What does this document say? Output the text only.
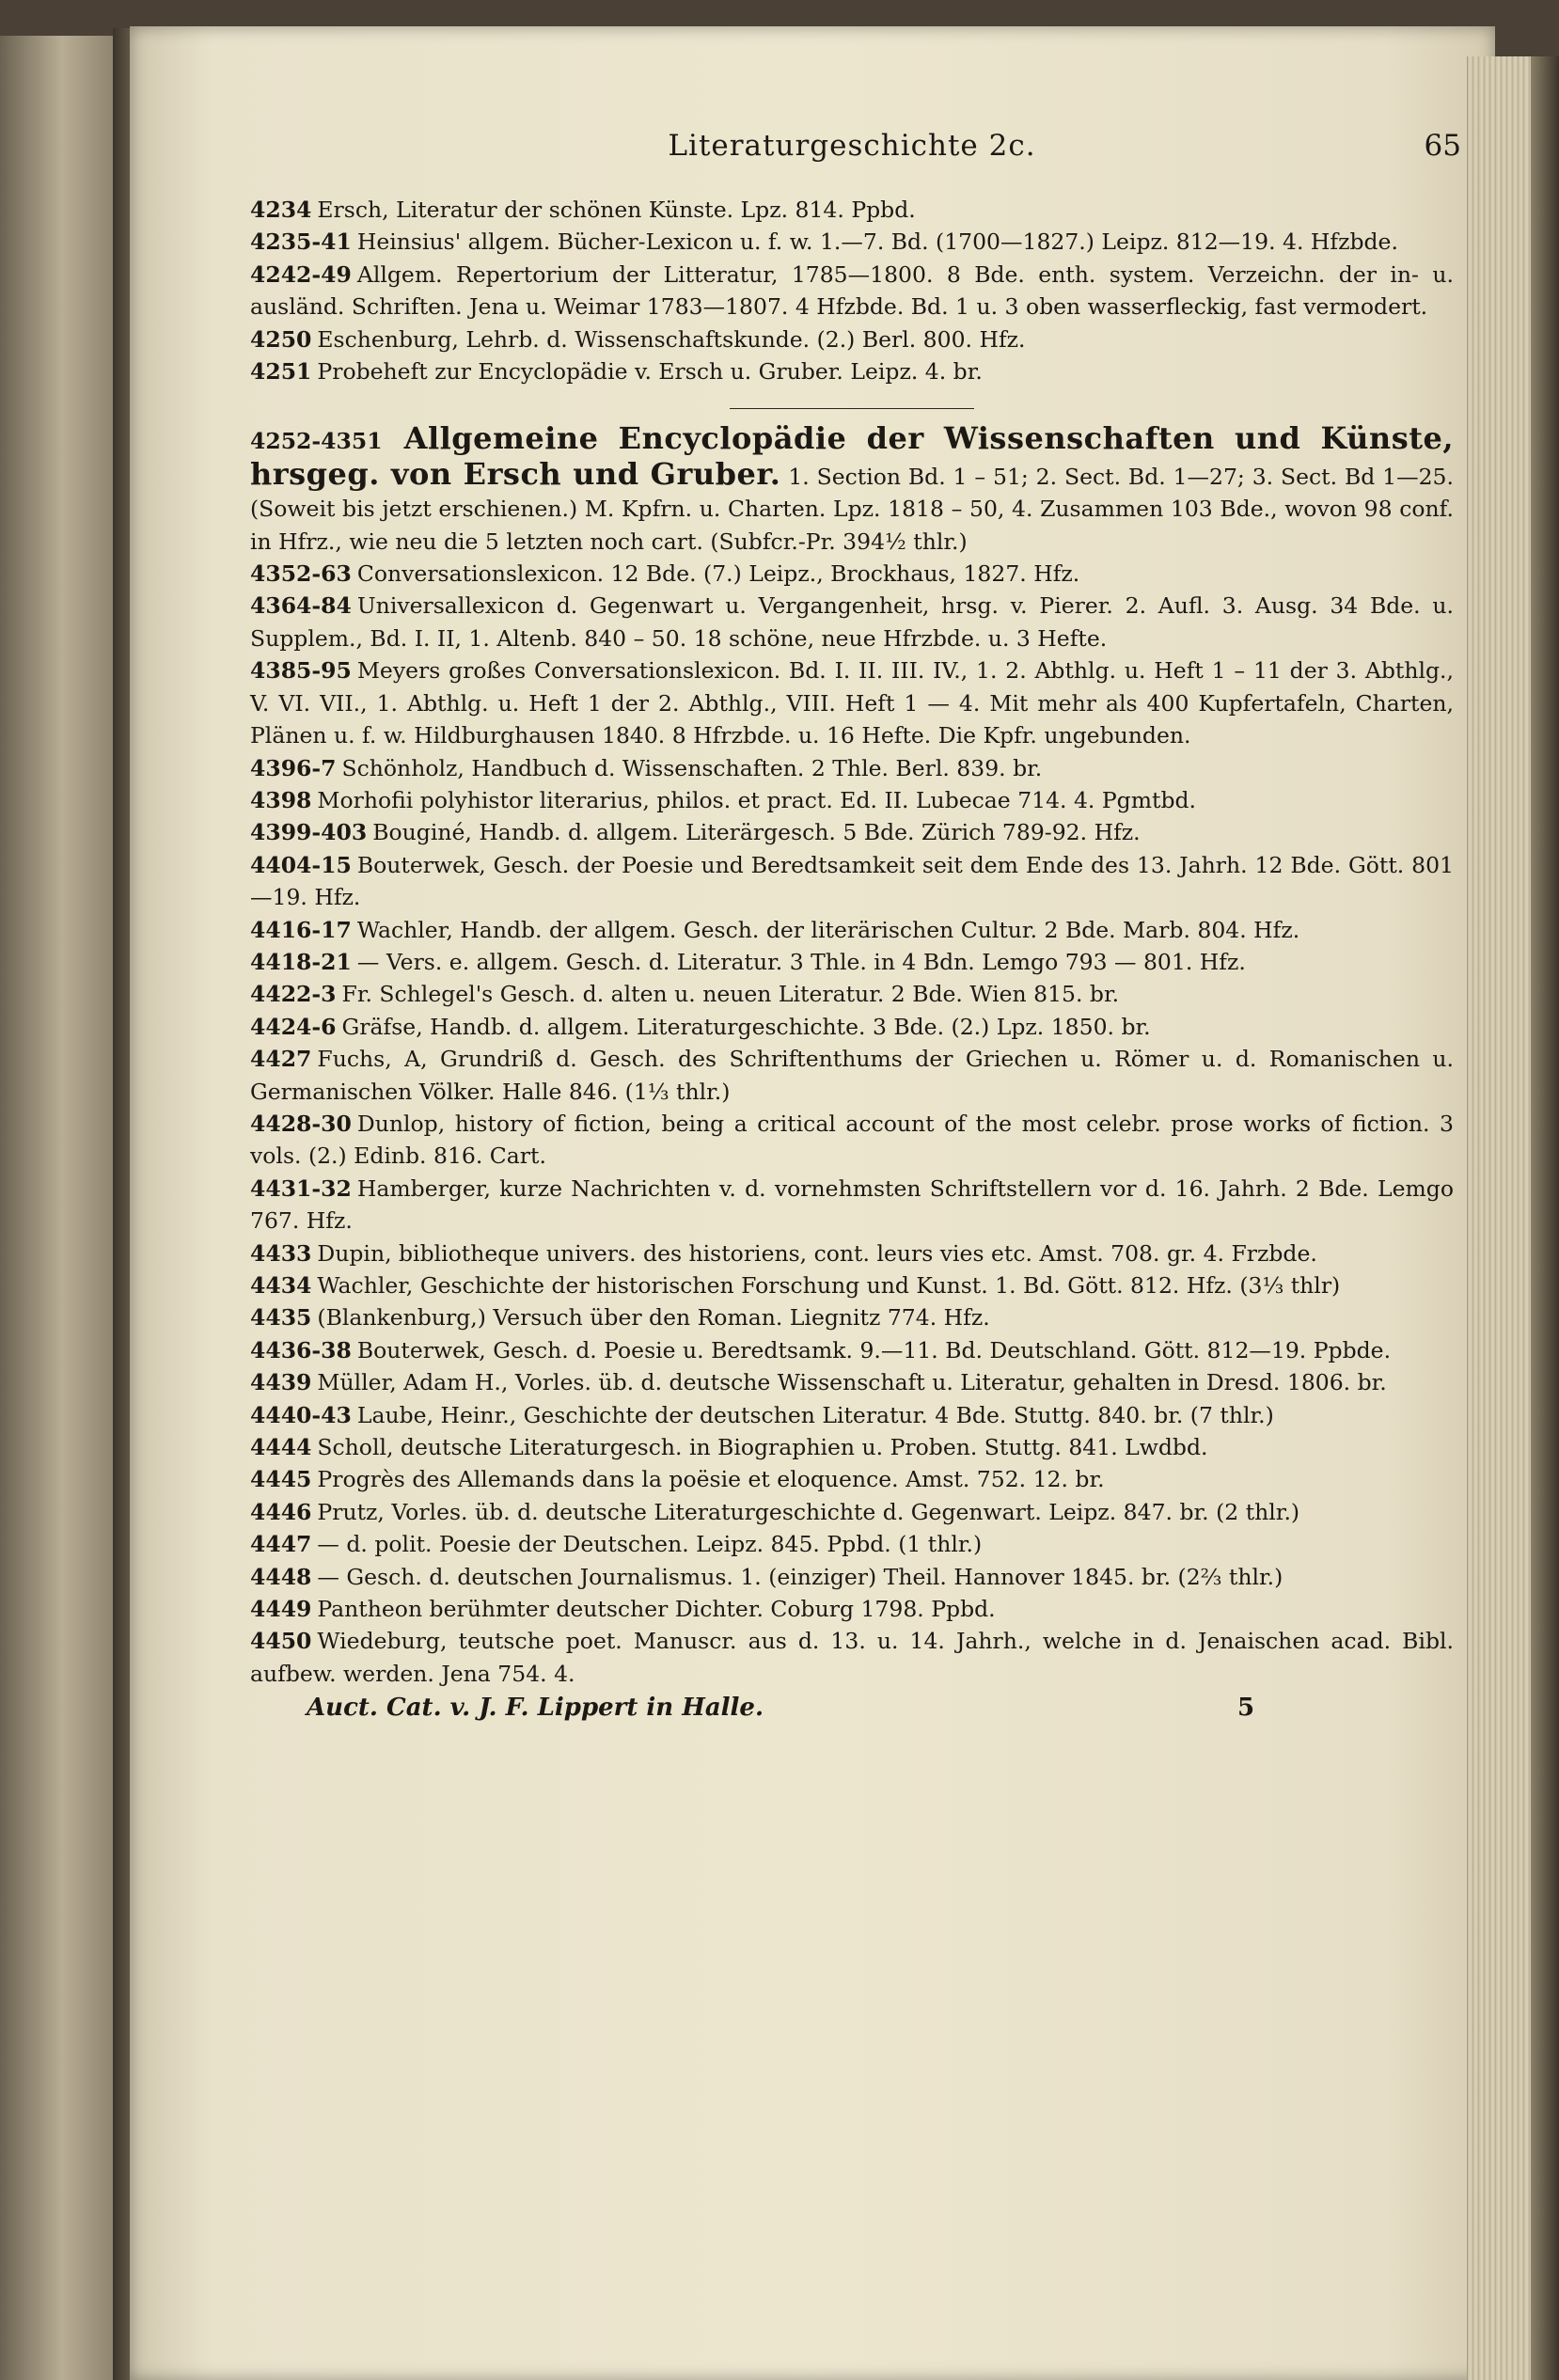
Literaturgeschichte 2c.	65
4234 Ersch, Literatur der schönen Künste. Lpz. 814. Ppbd.
4235-41 Heinsius' allgem. Bücher-Lexicon u. f. w. 1.—7. Bd. (1700—1827.) Leipz. 812—19. 4. Hfzbde.
4242-49 Allgem. Repertorium der Litteratur, 1785—1800. 8 Bde. enth. system. Verzeichn. der in- u. ausländ. Schriften. Jena u. Weimar 1783—1807. 4 Hfzbde. Bd. 1 u. 3 oben wasserfleckig, fast vermodert.
4250 Eschenburg, Lehrb. d. Wissenschaftskunde. (2.) Berl. 800. Hfz.
4251 Probeheft zur Encyclopädie v. Ersch u. Gruber. Leipz. 4. br.
4252-4351 Allgemeine Encyclopädie der Wissenschaften und Künste, hrsgeg. von Ersch und Gruber. 1. Section Bd. 1 – 51; 2. Sect. Bd. 1—27; 3. Sect. Bd 1—25. (Soweit bis jetzt erschienen.) M. Kpfrn. u. Charten. Lpz. 1818 – 50, 4. Zusammen 103 Bde., wovon 98 conf. in Hfrz., wie neu die 5 letzten noch cart. (Subfcr.-Pr. 394½ thlr.)
4352-63 Conversationslexicon. 12 Bde. (7.) Leipz., Brockhaus, 1827. Hfz.
4364-84 Universallexicon d. Gegenwart u. Vergangenheit, hrsg. v. Pierer. 2. Aufl. 3. Ausg. 34 Bde. u. Supplem., Bd. I. II, 1. Altenb. 840 – 50. 18 schöne, neue Hfrzbde. u. 3 Hefte.
4385-95 Meyers großes Conversationslexicon. Bd. I. II. III. IV., 1. 2. Abthlg. u. Heft 1 – 11 der 3. Abthlg., V. VI. VII., 1. Abthlg. u. Heft 1 der 2. Abthlg., VIII. Heft 1 — 4. Mit mehr als 400 Kupfertafeln, Charten, Plänen u. f. w. Hildburghausen 1840. 8 Hfrzbde. u. 16 Hefte. Die Kpfr. ungebunden.
4396-7 Schönholz, Handbuch d. Wissenschaften. 2 Thle. Berl. 839. br.
4398 Morhofii polyhistor literarius, philos. et pract. Ed. II. Lubecae 714. 4. Pgmtbd.
4399-403 Bouginé, Handb. d. allgem. Literärgesch. 5 Bde. Zürich 789-92. Hfz.
4404-15 Bouterwek, Gesch. der Poesie und Beredtsamkeit seit dem Ende des 13. Jahrh. 12 Bde. Gött. 801—19. Hfz.
4416-17 Wachler, Handb. der allgem. Gesch. der literärischen Cultur. 2 Bde. Marb. 804. Hfz.
4418-21 — Vers. e. allgem. Gesch. d. Literatur. 3 Thle. in 4 Bdn. Lemgo 793 — 801. Hfz.
4422-3 Fr. Schlegel's Gesch. d. alten u. neuen Literatur. 2 Bde. Wien 815. br.
4424-6 Gräfse, Handb. d. allgem. Literaturgeschichte. 3 Bde. (2.) Lpz. 1850. br.
4427 Fuchs, A, Grundriß d. Gesch. des Schriftenthums der Griechen u. Römer u. d. Romanischen u. Germanischen Völker. Halle 846. (1⅓ thlr.)
4428-30 Dunlop, history of fiction, being a critical account of the most celebr. prose works of fiction. 3 vols. (2.) Edinb. 816. Cart.
4431-32 Hamberger, kurze Nachrichten v. d. vornehmsten Schriftstellern vor d. 16. Jahrh. 2 Bde. Lemgo 767. Hfz.
4433 Dupin, bibliotheque univers. des historiens, cont. leurs vies etc. Amst. 708. gr. 4. Frzbde.
4434 Wachler, Geschichte der historischen Forschung und Kunst. 1. Bd. Gött. 812. Hfz. (3⅓ thlr)
4435 (Blankenburg,) Versuch über den Roman. Liegnitz 774. Hfz.
4436-38 Bouterwek, Gesch. d. Poesie u. Beredtsamk. 9.—11. Bd. Deutschland. Gött. 812—19. Ppbde.
4439 Müller, Adam H., Vorles. üb. d. deutsche Wissenschaft u. Literatur, gehalten in Dresd. 1806. br.
4440-43 Laube, Heinr., Geschichte der deutschen Literatur. 4 Bde. Stuttg. 840. br. (7 thlr.)
4444 Scholl, deutsche Literaturgesch. in Biographien u. Proben. Stuttg. 841. Lwdbd.
4445 Progrès des Allemands dans la poësie et eloquence. Amst. 752. 12. br.
4446 Prutz, Vorles. üb. d. deutsche Literaturgeschichte d. Gegenwart. Leipz. 847. br. (2 thlr.)
4447 — d. polit. Poesie der Deutschen. Leipz. 845. Ppbd. (1 thlr.)
4448 — Gesch. d. deutschen Journalismus. 1. (einziger) Theil. Hannover 1845. br. (2⅔ thlr.)
4449 Pantheon berühmter deutscher Dichter. Coburg 1798. Ppbd.
4450 Wiedeburg, teutsche poet. Manuscr. aus d. 13. u. 14. Jahrh., welche in d. Jenaischen acad. Bibl. aufbew. werden. Jena 754. 4.
Auct. Cat. v. J. F. Lippert in Halle.	5
